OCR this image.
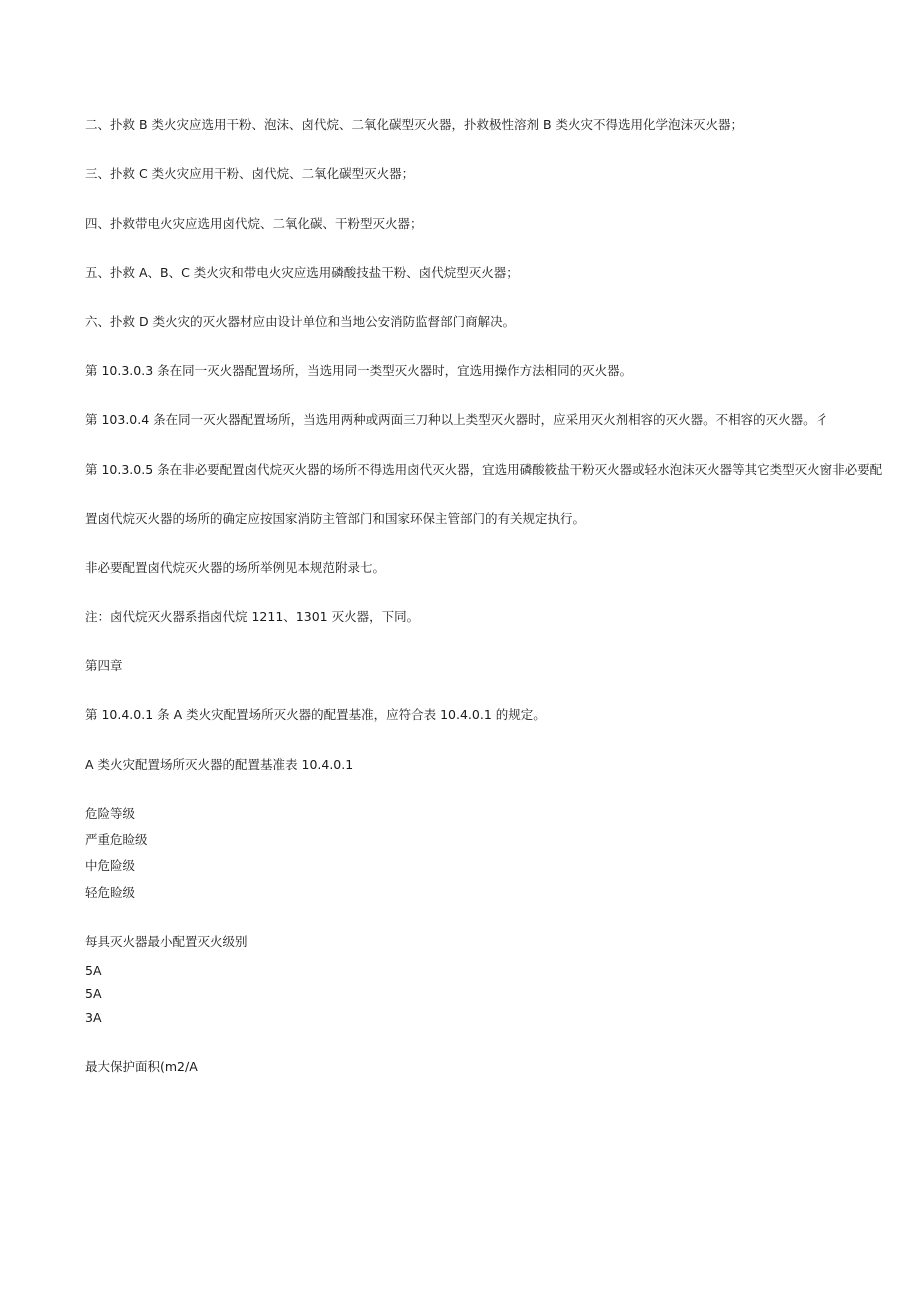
二、扑救 B 类火灾应选用干粉、泡沫、卤代烷、二氧化碳型灭火器，扑救极性溶剂 B 类火灾不得选用化学泡沫灭火器；
三、扑救 C 类火灾应用干粉、卤代烷、二氧化碳型灭火器；
四、扑救带电火灾应选用卤代烷、二氧化碳、干粉型灭火器；
五、扑救 A、B、C 类火灾和带电火灾应选用磷酸技盐干粉、卤代烷型灭火器；
六、扑救 D 类火灾的灭火器材应由设计单位和当地公安消防监督部门商解决。
第 10.3.0.3 条在同一灭火器配置场所，当选用同一类型灭火器时，宜选用操作方法相同的灭火器。
第 103.0.4 条在同一灭火器配置场所，当选用两种或两面三刀种以上类型灭火器时，应采用灭火剂相容的灭火器。不相容的灭火器。彳
第 10.3.0.5 条在非必要配置卤代烷灭火器的场所不得选用卤代灭火器，宜选用磷酸筱盐干粉灭火器或轻水泡沫灭火器等其它类型灭火窗非必要配
置卤代烷灭火器的场所的确定应按国家消防主管部门和国家环保主管部门的有关规定执行。
非必要配置卤代烷灭火器的场所举例见本规范附录七。
注：卤代烷灭火器系指卤代烷 1211、1301 灭火器，下同。
第四章
第 10.4.0.1 条 A 类火灾配置场所灭火器的配置基准，应符合表 10.4.0.1 的规定。
A 类火灾配置场所灭火器的配置基准表 10.4.0.1
危险等级
严重危睑级
中危险级
轻危睑级
每具灭火器最小配置灭火级别
5A
5A
3A
最大保护面积(m2∕A
